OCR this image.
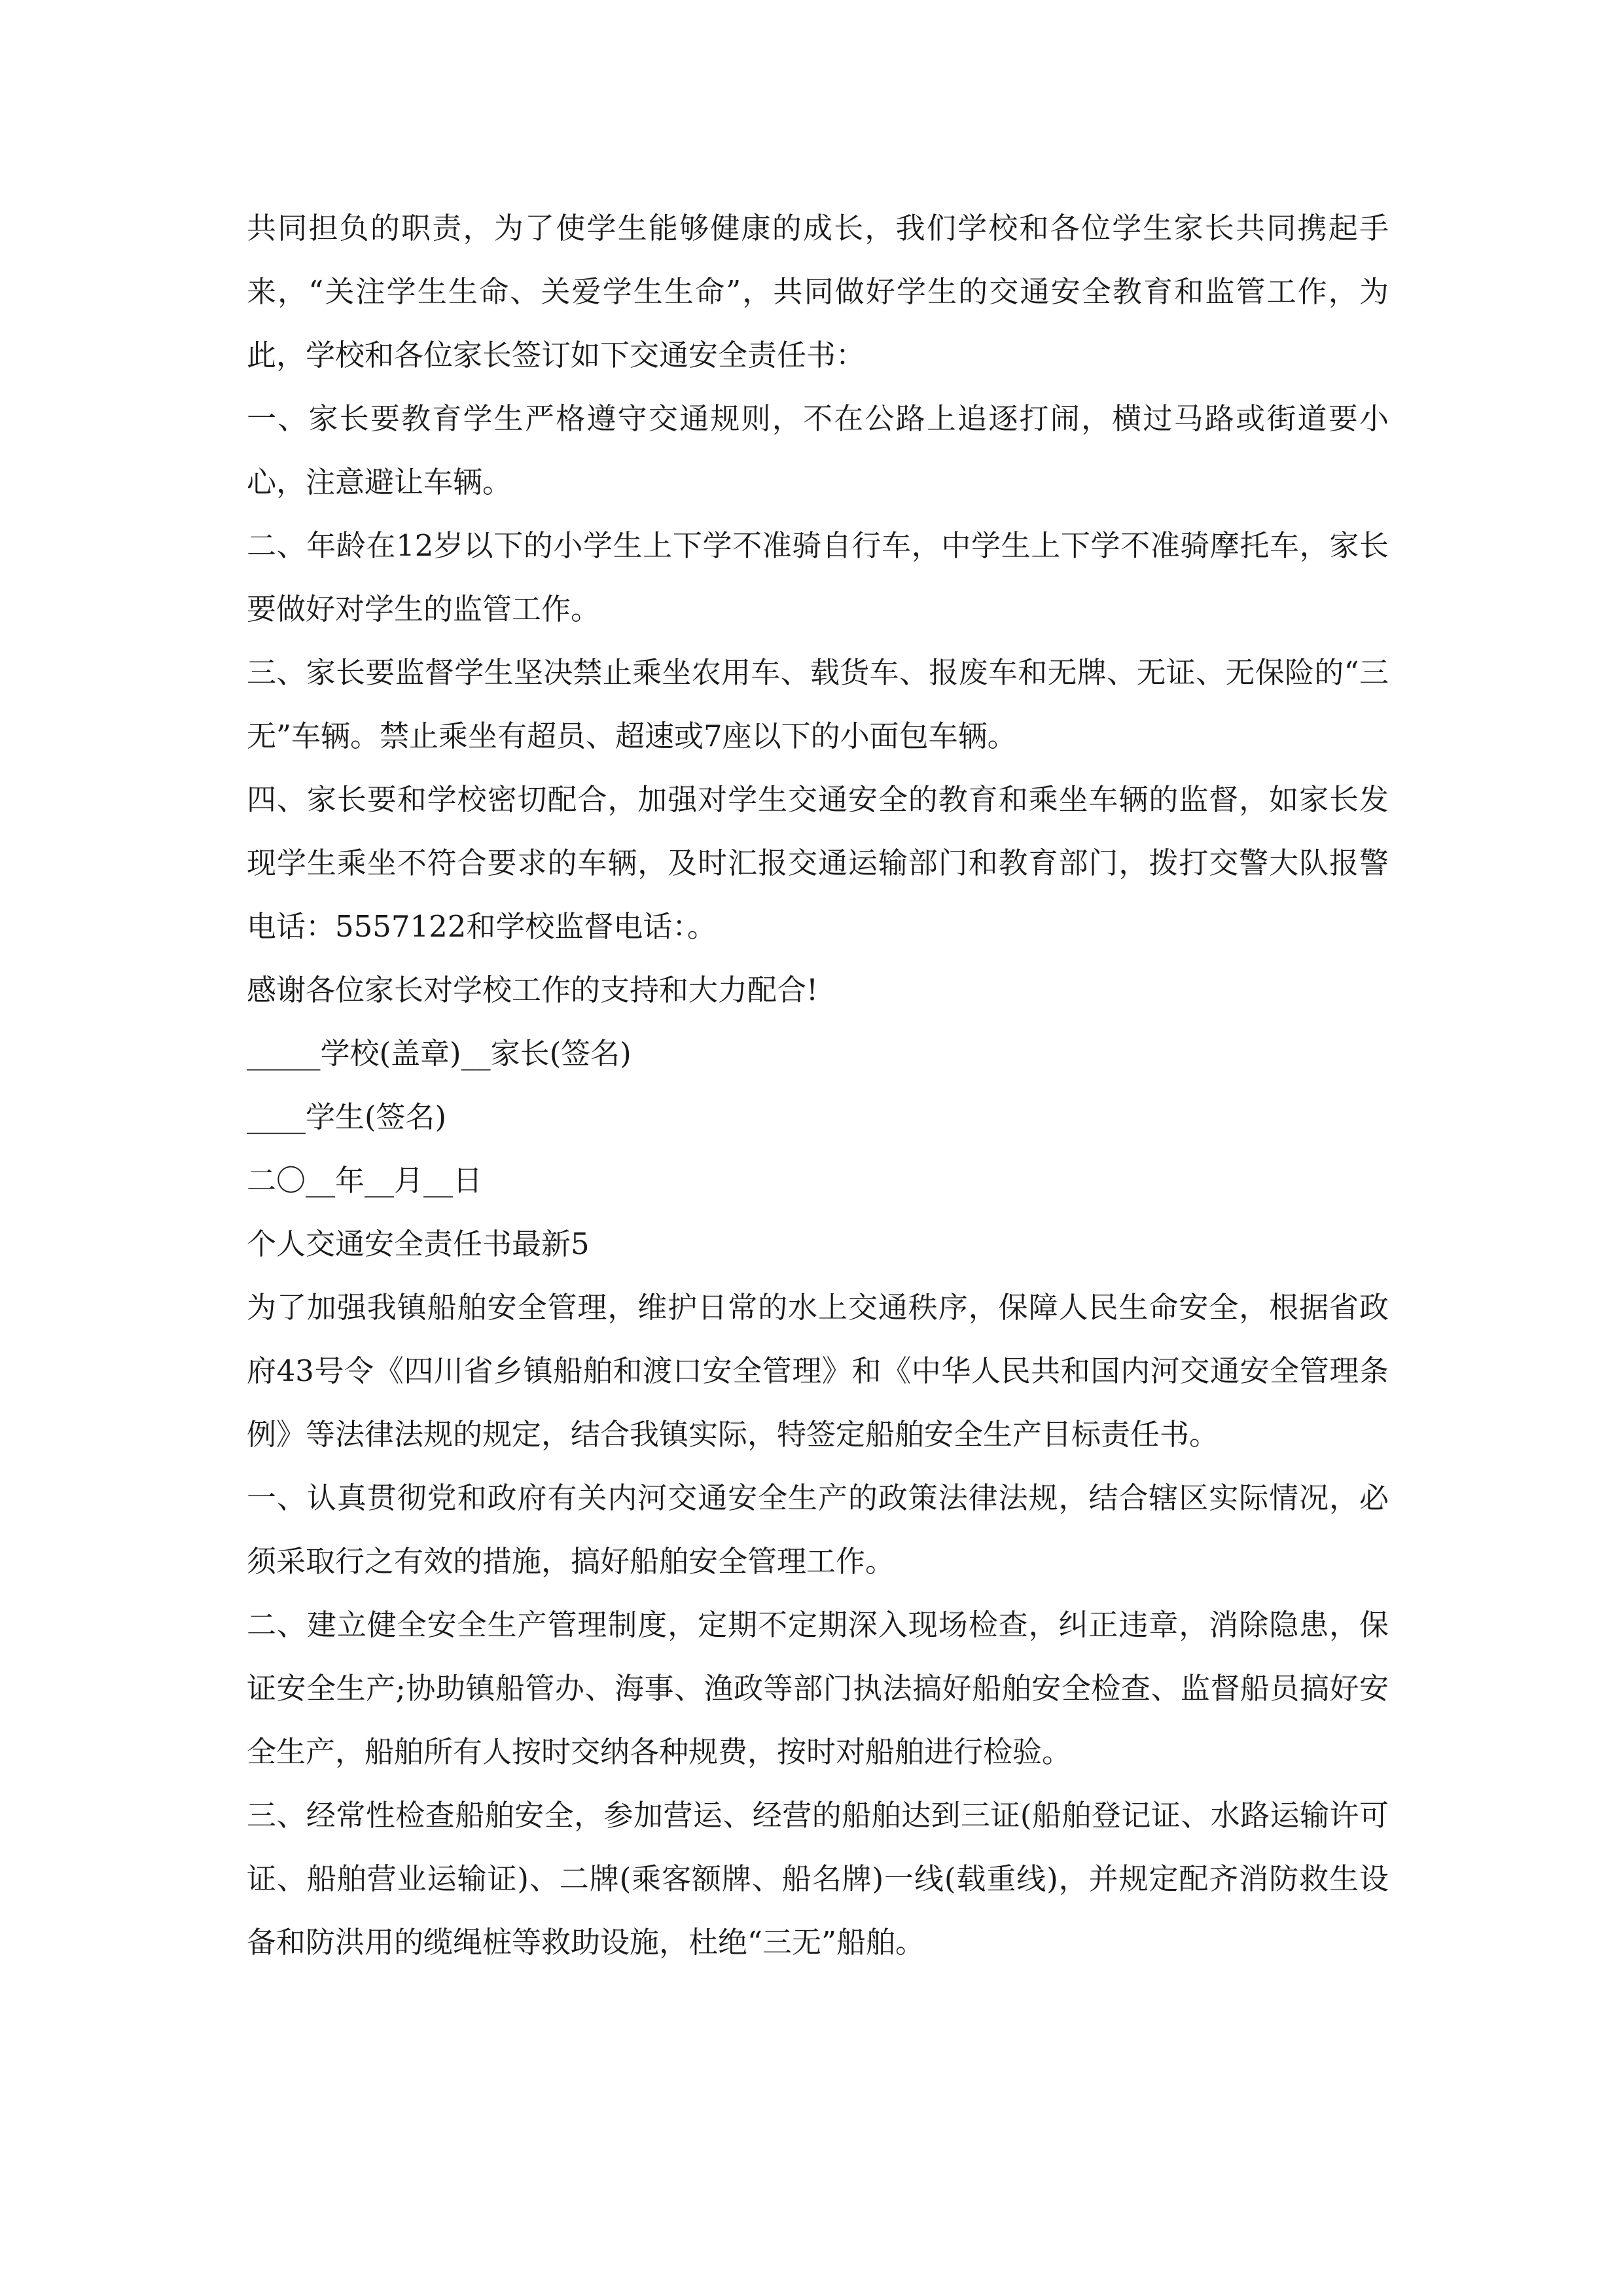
共同担负的职责，为了使学生能够健康的成长，我们学校和各位学生家长共同携起手来，“关注学生生命、关爱学生生命”，共同做好学生的交通安全教育和监管工作，为此，学校和各位家长签订如下交通安全责任书：

一、家长要教育学生严格遵守交通规则，不在公路上追逐打闹，横过马路或街道要小心，注意避让车辆。

二、年龄在12岁以下的小学生上下学不准骑自行车，中学生上下学不准骑摩托车，家长要做好对学生的监管工作。

三、家长要监督学生坚决禁止乘坐农用车、载货车、报废车和无牌、无证、无保险的“三无”车辆。禁止乘坐有超员、超速或7座以下的小面包车辆。

四、家长要和学校密切配合，加强对学生交通安全的教育和乘坐车辆的监督，如家长发现学生乘坐不符合要求的车辆，及时汇报交通运输部门和教育部门，拨打交警大队报警电话：5557122和学校监督电话：。

感谢各位家长对学校工作的支持和大力配合!

_____学校(盖章)__家长(签名)

____学生(签名)

二〇__年__月__日

个人交通安全责任书最新5

为了加强我镇船舶安全管理，维护日常的水上交通秩序，保障人民生命安全，根据省政府43号令《四川省乡镇船舶和渡口安全管理》和《中华人民共和国内河交通安全管理条例》等法律法规的规定，结合我镇实际，特签定船舶安全生产目标责任书。

一、认真贯彻党和政府有关内河交通安全生产的政策法律法规，结合辖区实际情况，必须采取行之有效的措施，搞好船舶安全管理工作。

二、建立健全安全生产管理制度，定期不定期深入现场检查，纠正违章，消除隐患，保证安全生产;协助镇船管办、海事、渔政等部门执法搞好船舶安全检查、监督船员搞好安全生产，船舶所有人按时交纳各种规费，按时对船舶进行检验。

三、经常性检查船舶安全，参加营运、经营的船舶达到三证(船舶登记证、水路运输许可证、船舶营业运输证)、二牌(乘客额牌、船名牌)一线(载重线)，并规定配齐消防救生设备和防洪用的缆绳桩等救助设施，杜绝“三无”船舶。
